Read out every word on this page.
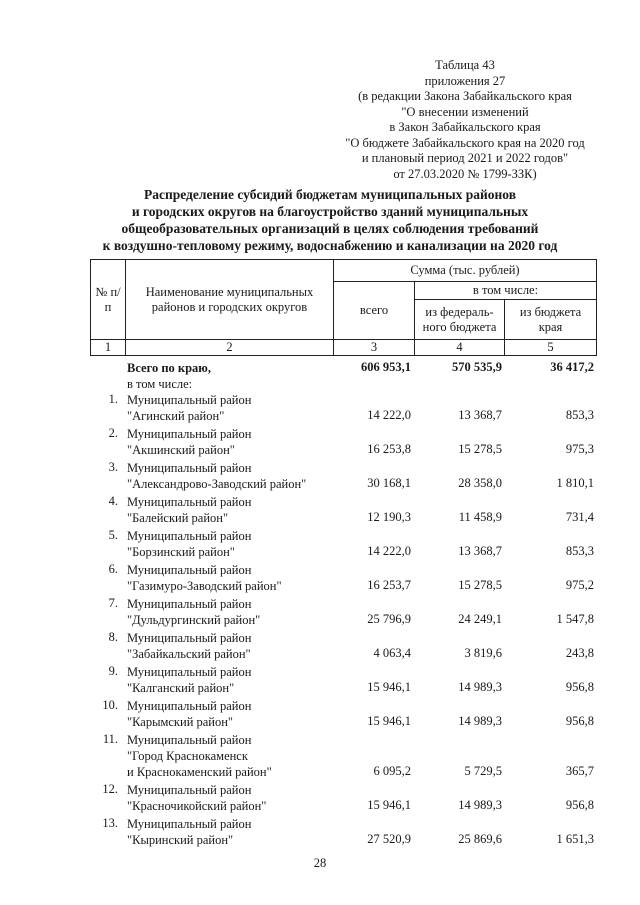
Таблица 43
приложения 27
(в редакции Закона Забайкальского края
"О внесении изменений
в Закон Забайкальского края
"О бюджете Забайкальского края на 2020 год
и плановый период 2021 и 2022 годов"
от 27.03.2020 № 1799-ЗЗК)
Распределение субсидий бюджетам муниципальных районов
и городских округов на благоустройство зданий муниципальных
общеобразовательных организаций в целях соблюдения требований
к воздушно-тепловому режиму, водоснабжению и канализации на 2020 год
№ п/п	Наименование муниципальных районов и городских округов	Сумма (тыс. рублей)		
		всего	в том числе:	
			из федераль- ного бюджета	из бюджета края
1	2	3	4	5
Всего по краю,
в том числе:
606 953,1	570 535,9	36 417,2
1. Муниципальный район
"Агинский район"	14 222,0	13 368,7	853,3
2. Муниципальный район
"Акшинский район"	16 253,8	15 278,5	975,3
3. Муниципальный район
"Александрово-Заводский район"	30 168,1	28 358,0	1 810,1
4. Муниципальный район
"Балейский район"	12 190,3	11 458,9	731,4
5. Муниципальный район
"Борзинский район"	14 222,0	13 368,7	853,3
6. Муниципальный район
"Газимуро-Заводский район"	16 253,7	15 278,5	975,2
7. Муниципальный район
"Дульдургинский район"	25 796,9	24 249,1	1 547,8
8. Муниципальный район
"Забайкальский район"	4 063,4	3 819,6	243,8
9. Муниципальный район
"Калганский район"	15 946,1	14 989,3	956,8
10. Муниципальный район
"Карымский район"	15 946,1	14 989,3	956,8
11. Муниципальный район
"Город Краснокаменск
и Краснокаменский район"	6 095,2	5 729,5	365,7
12. Муниципальный район
"Красночикойский район"	15 946,1	14 989,3	956,8
13. Муниципальный район
"Кыринский район"	27 520,9	25 869,6	1 651,3
28
